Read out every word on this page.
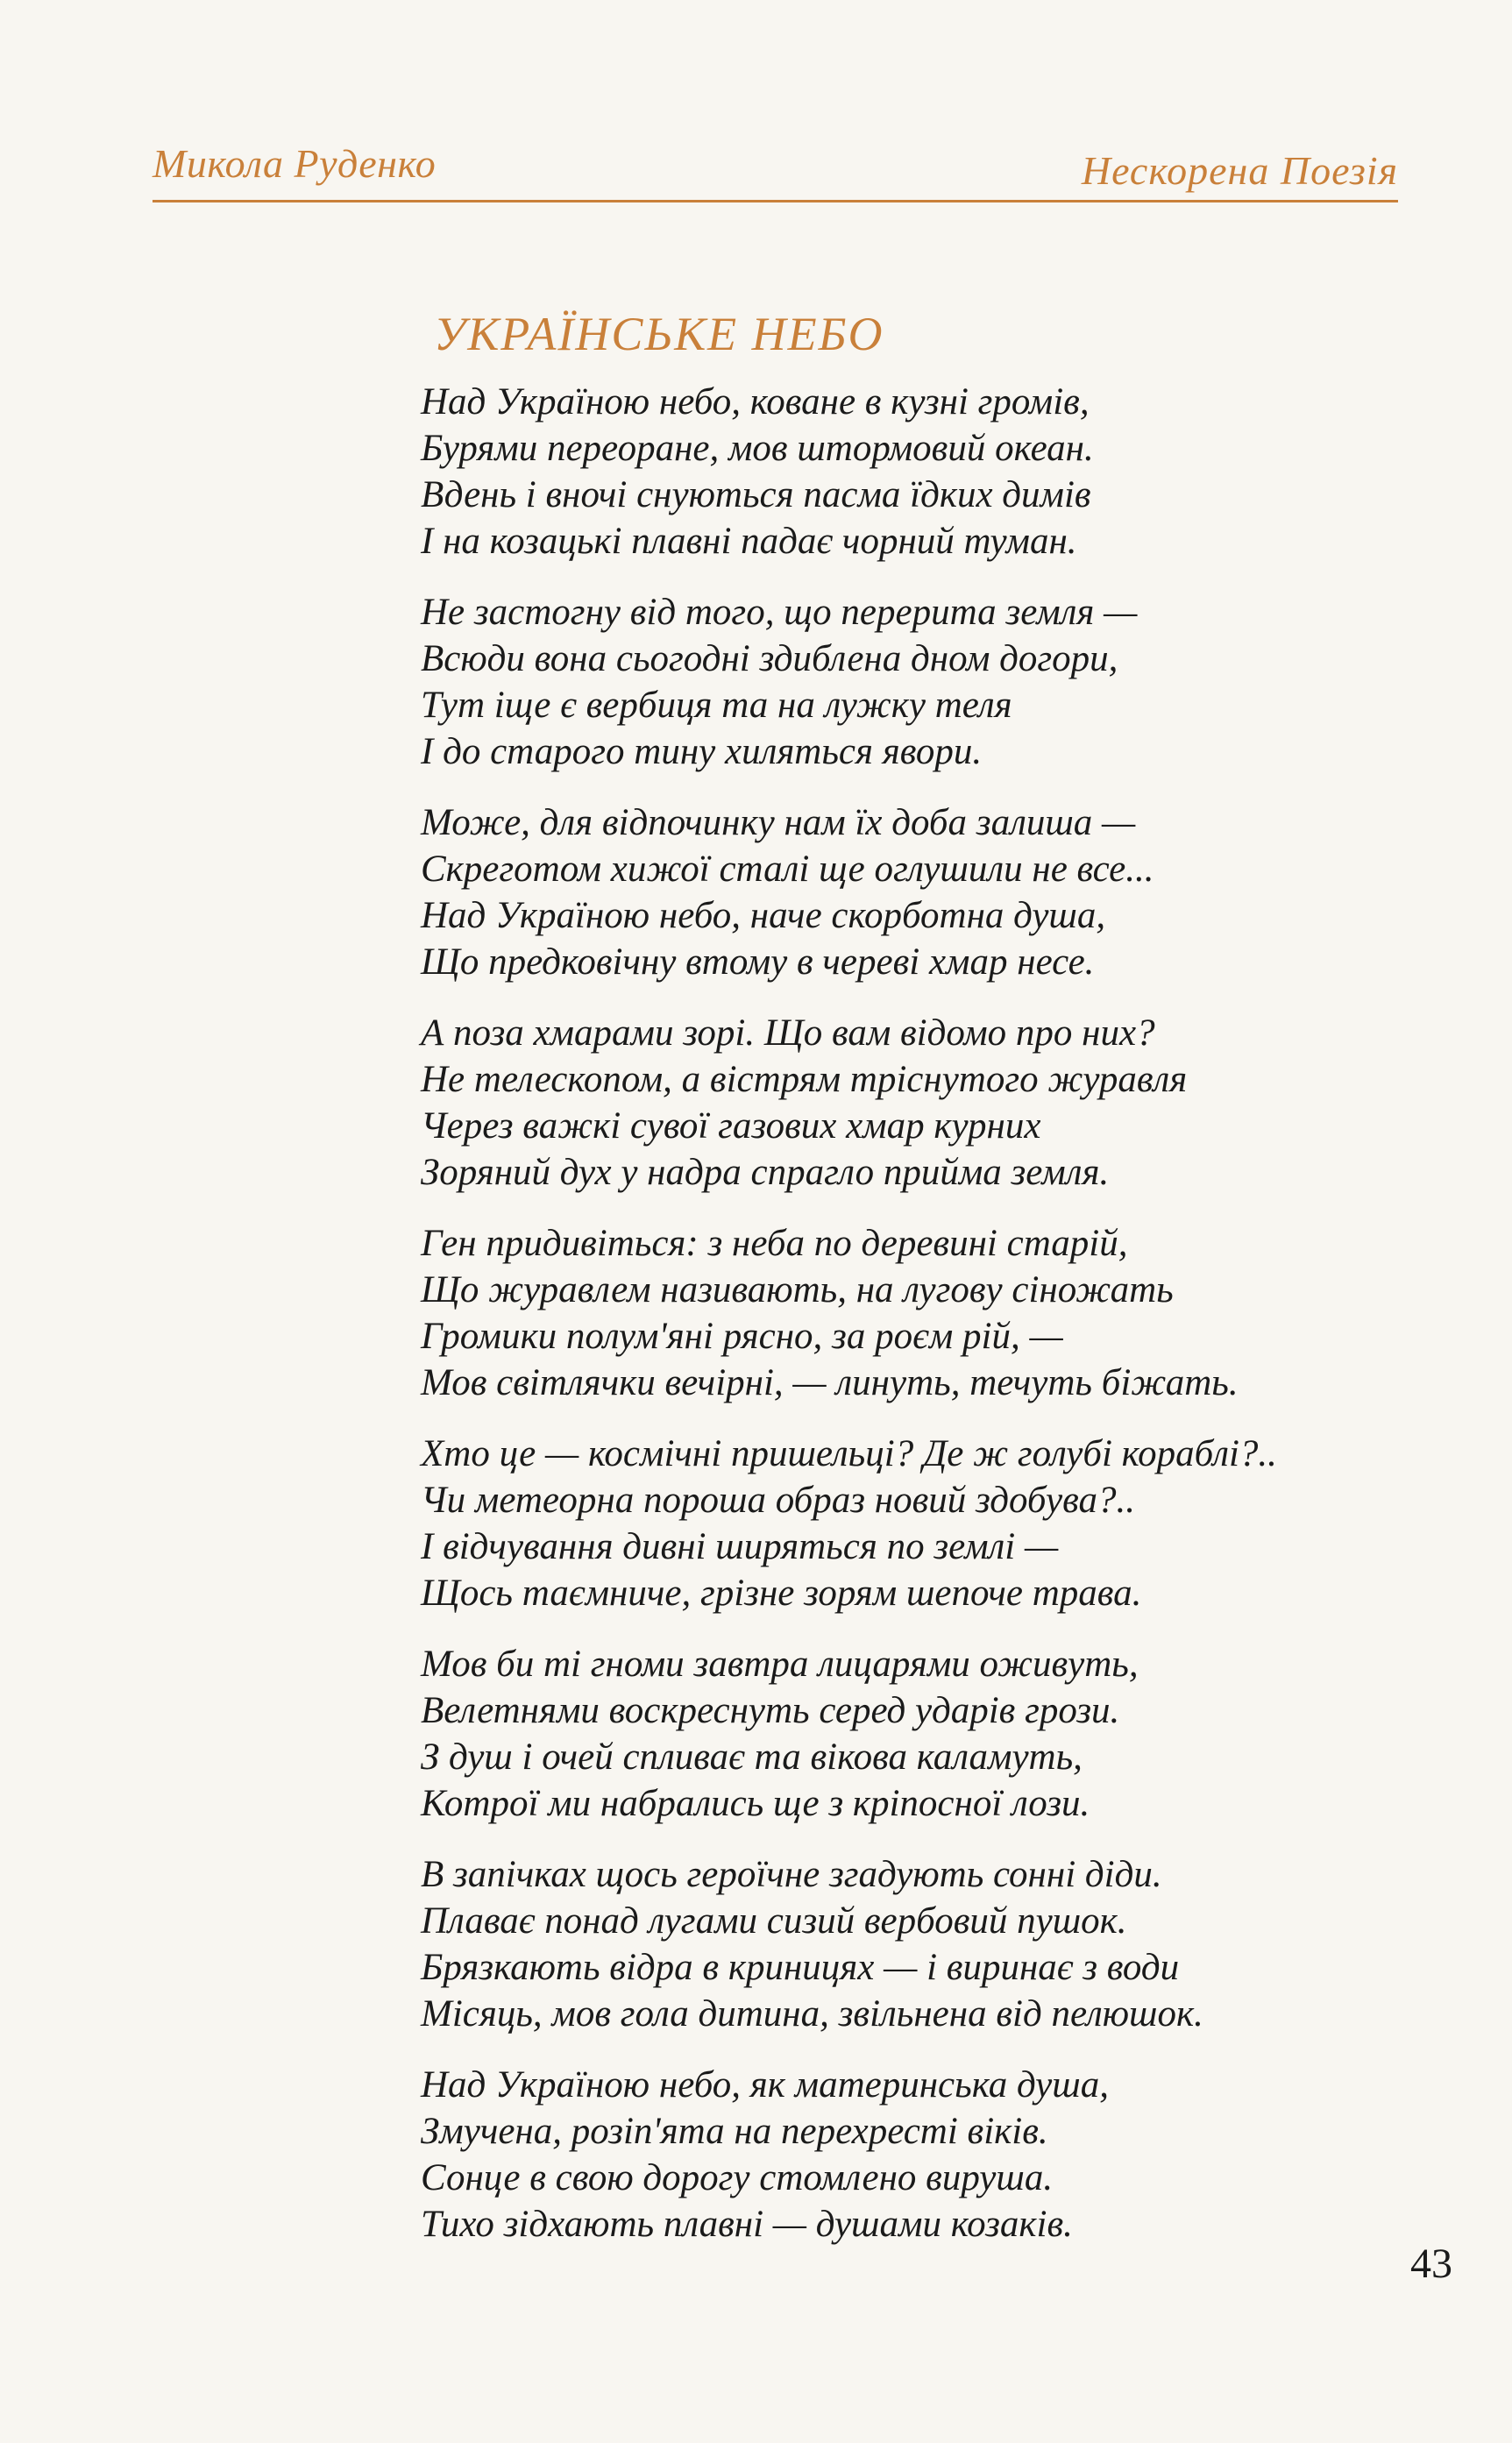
Микола Руденко	Нескорена Поезія
УКРАЇНСЬКЕ НЕБО
Над Україною небо, коване в кузні громів,
Бурями переоране, мов штормовий океан.
Вдень і вночі снуються пасма їдких димів
І на козацькі плавні падає чорний туман.
Не застогну від того, що перерита земля —
Всюди вона сьогодні здиблена дном догори,
Тут іще є вербиця та на лужку теля
І до старого тину хиляться явори.
Може, для відпочинку нам їх доба залиша —
Скреготом хижої сталі ще оглушили не все...
Над Україною небо, наче скорботна душа,
Що предковічну втому в череві хмар несе.
А поза хмарами зорі. Що вам відомо про них?
Не телескопом, а вістрям тріснутого журавля
Через важкі сувої газових хмар курних
Зоряний дух у надра спрагло прийма земля.
Ген придивіться: з неба по деревині старій,
Що журавлем називають, на лугову сіножать
Громики полум'яні рясно, за роєм рій, —
Мов світлячки вечірні, — линуть, течуть біжать.
Хто це — космічні пришельці? Де ж голубі кораблі?..
Чи метеорна пороша образ новий здобува?..
І відчування дивні ширяться по землі —
Щось таємниче, грізне зорям шепоче трава.
Мов би ті гноми завтра лицарями оживуть,
Велетнями воскреснуть серед ударів грози.
З душ і очей спливає та вікова каламуть,
Котрої ми набрались ще з кріпосної лози.
В запічках щось героїчне згадують сонні діди.
Плаває понад лугами сизий вербовий пушок.
Брязкають відра в криницях — і виринає з води
Місяць, мов гола дитина, звільнена від пелюшок.
Над Україною небо, як материнська душа,
Змучена, розіп'ята на перехресті віків.
Сонце в свою дорогу стомлено вируша.
Тихо зідхають плавні — душами козаків.
43
